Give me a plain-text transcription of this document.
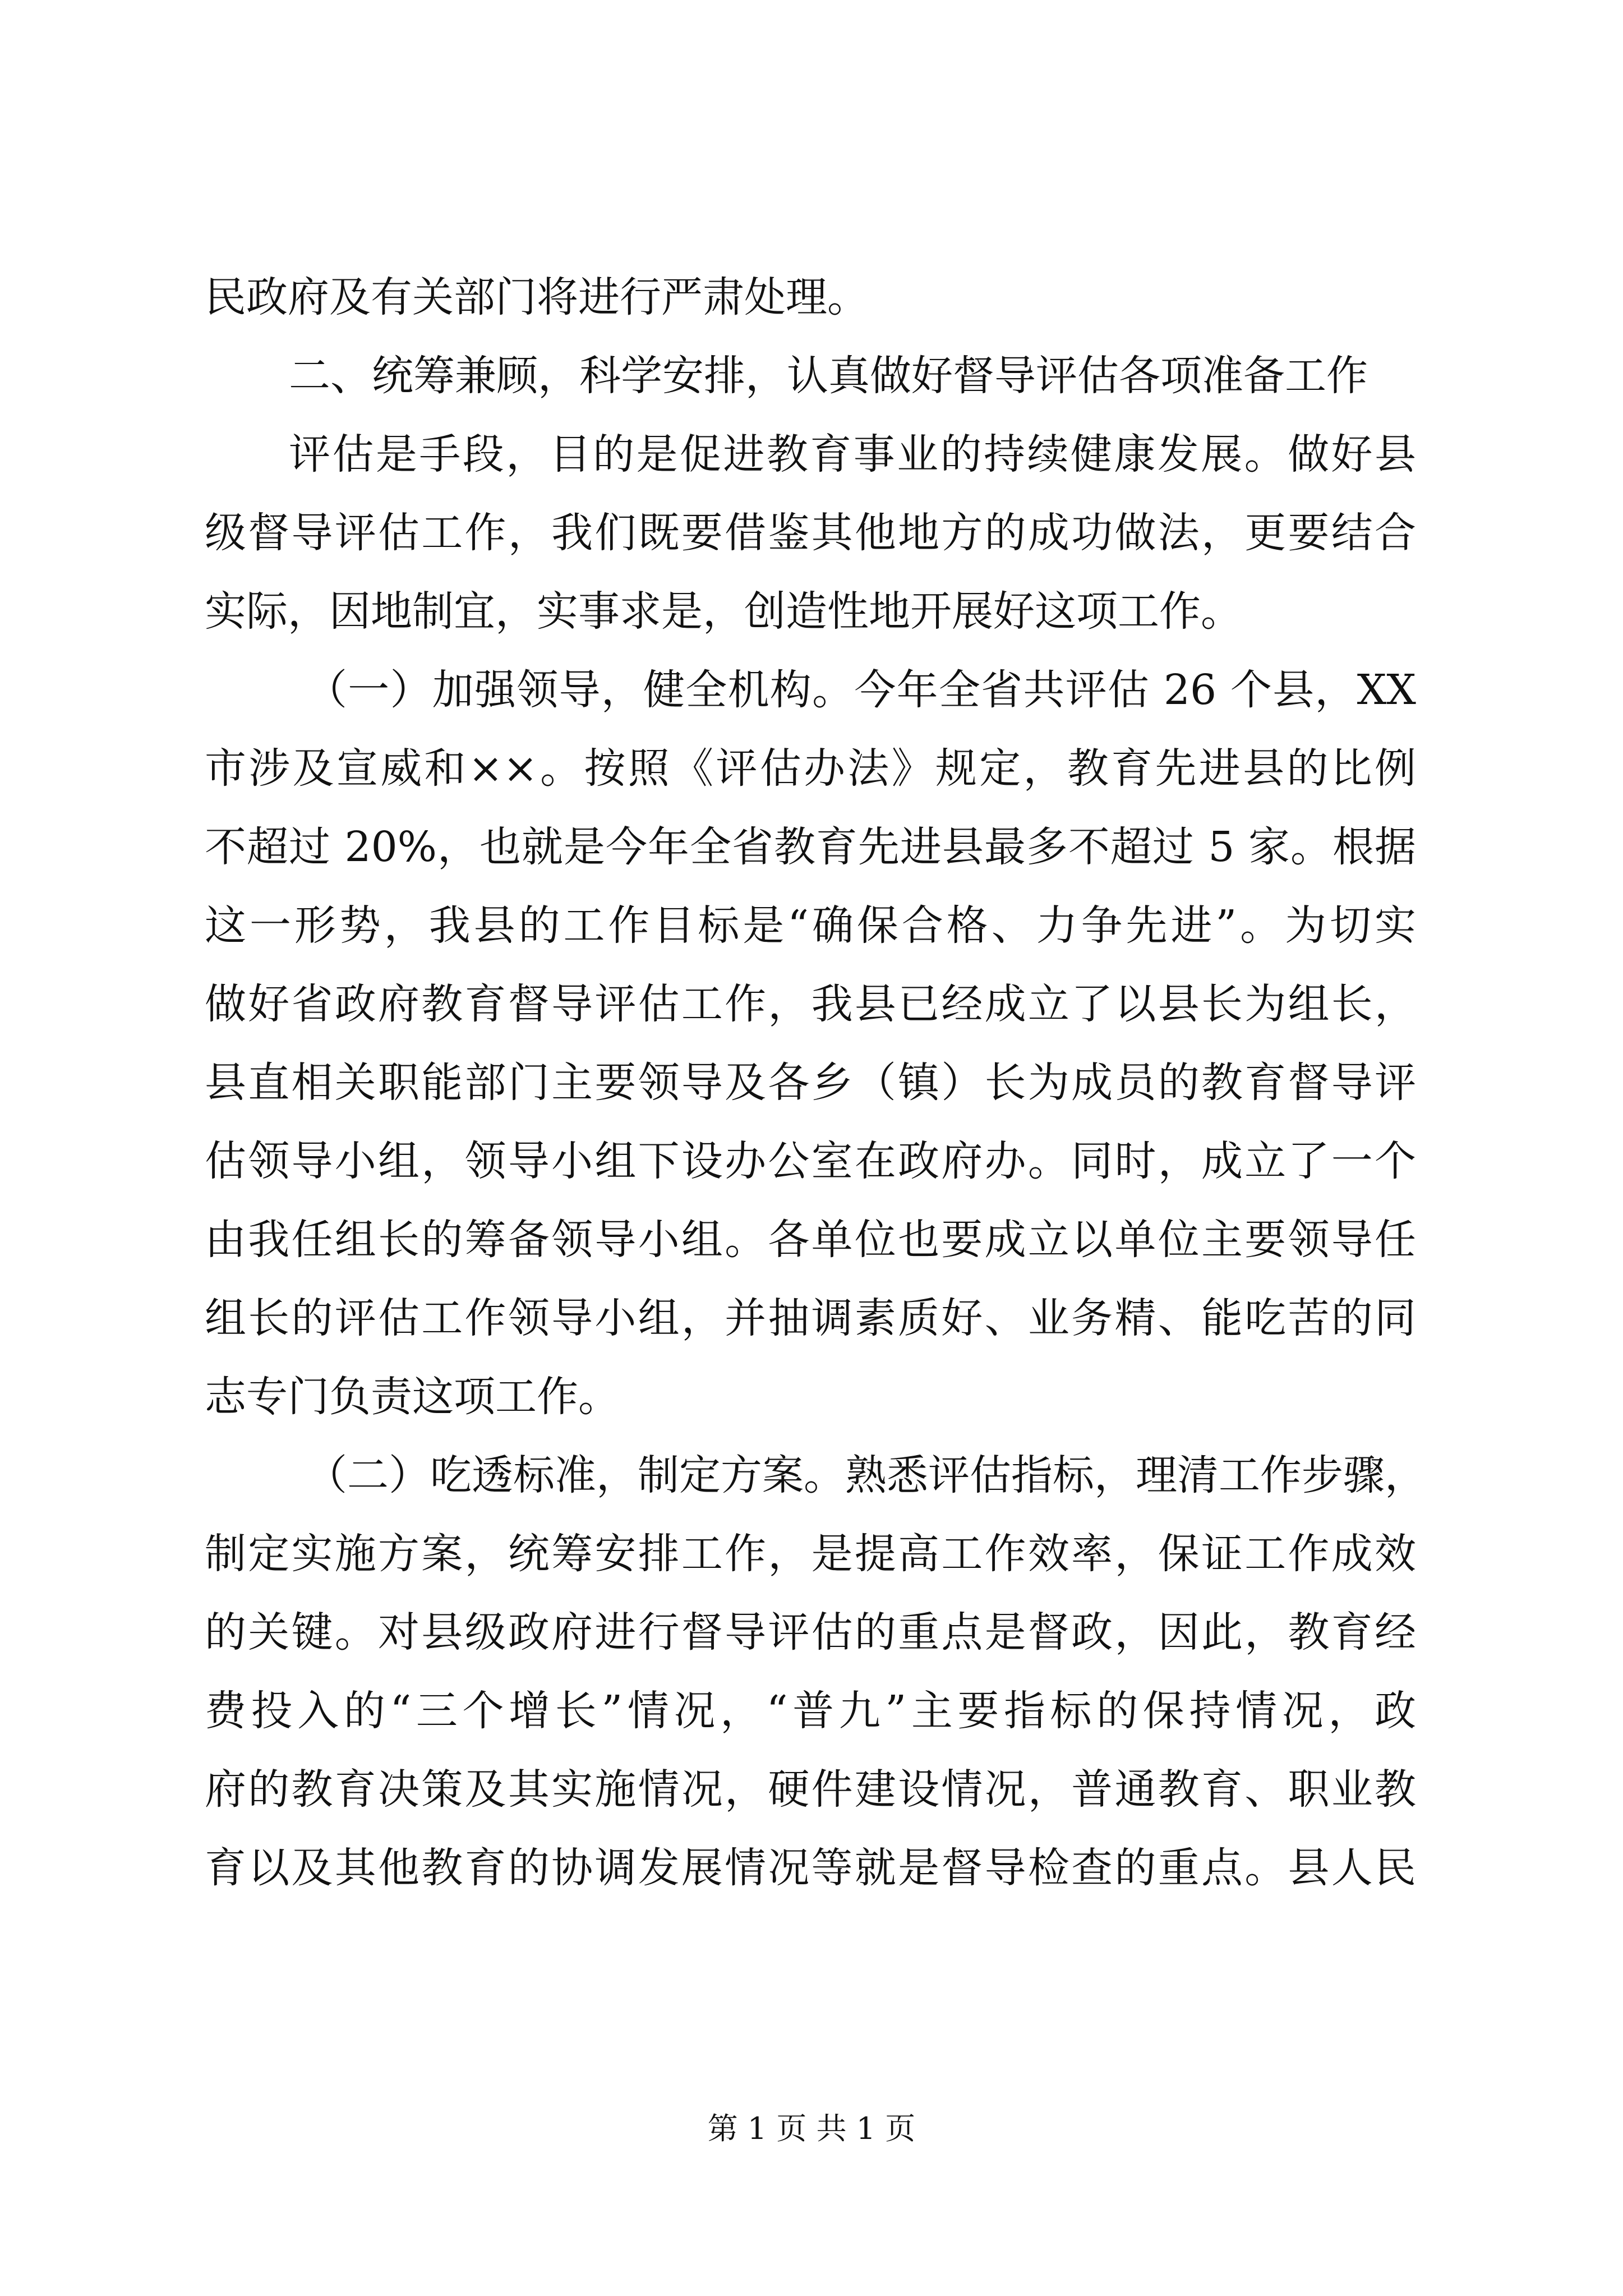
民政府及有关部门将进行严肃处理。
二、统筹兼顾，科学安排，认真做好督导评估各项准备工作
评估是手段，目的是促进教育事业的持续健康发展。做好县
级督导评估工作，我们既要借鉴其他地方的成功做法，更要结合
实际，因地制宜，实事求是，创造性地开展好这项工作。
（一）加强领导，健全机构。今年全省共评估 26 个县，XX
市涉及宣威和××。按照《评估办法》规定，教育先进县的比例
不超过 20%，也就是今年全省教育先进县最多不超过 5 家。根据
这一形势，我县的工作目标是“确保合格、力争先进”。为切实
做好省政府教育督导评估工作，我县已经成立了以县长为组长，
县直相关职能部门主要领导及各乡（镇）长为成员的教育督导评
估领导小组，领导小组下设办公室在政府办。同时，成立了一个
由我任组长的筹备领导小组。各单位也要成立以单位主要领导任
组长的评估工作领导小组，并抽调素质好、业务精、能吃苦的同
志专门负责这项工作。
（二）吃透标准，制定方案。熟悉评估指标，理清工作步骤，
制定实施方案，统筹安排工作，是提高工作效率，保证工作成效
的关键。对县级政府进行督导评估的重点是督政，因此，教育经
费投入的“三个增长”情况，“普九”主要指标的保持情况，政
府的教育决策及其实施情况，硬件建设情况，普通教育、职业教
育以及其他教育的协调发展情况等就是督导检查的重点。县人民
第 1 页 共 1 页
